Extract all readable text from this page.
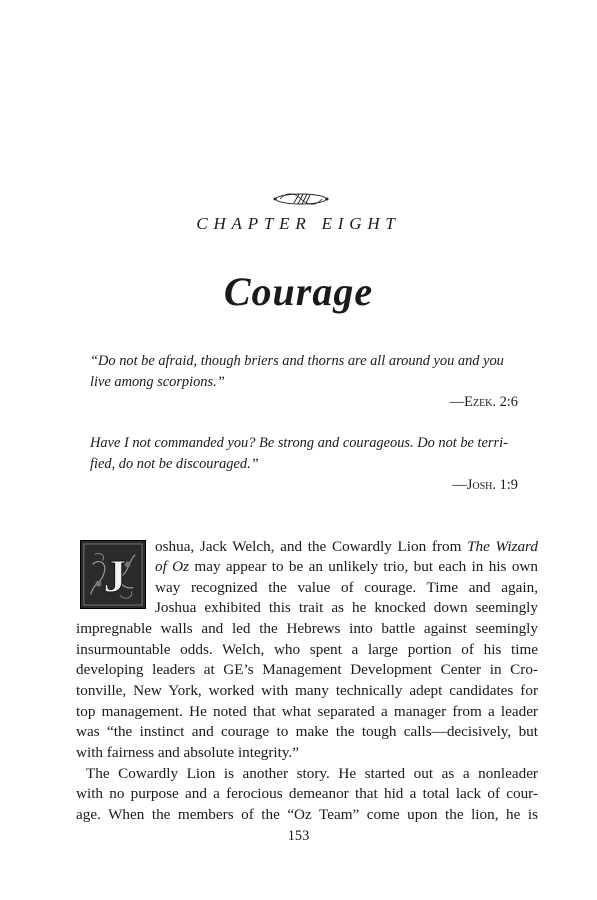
CHAPTER EIGHT
Courage
“Do not be afraid, though briers and thorns are all around you and you
live among scorpions.”
—Ezek. 2:6
Have I not commanded you? Be strong and courageous. Do not be terri-
fied, do not be discouraged.”
—Josh. 1:9
J
oshua, Jack Welch, and the Cowardly Lion from The Wizard
of Oz may appear to be an unlikely trio, but each in his own
way recognized the value of courage. Time and again,
Joshua exhibited this trait as he knocked down seemingly
impregnable walls and led the Hebrews into battle against seemingly
insurmountable odds. Welch, who spent a large portion of his time
developing leaders at GE’s Management Development Center in Cro-
tonville, New York, worked with many technically adept candidates for
top management. He noted that what separated a manager from a leader
was “the instinct and courage to make the tough calls—decisively, but
with fairness and absolute integrity.”
The Cowardly Lion is another story. He started out as a nonleader
with no purpose and a ferocious demeanor that hid a total lack of cour-
age. When the members of the “Oz Team” come upon the lion, he is
153
